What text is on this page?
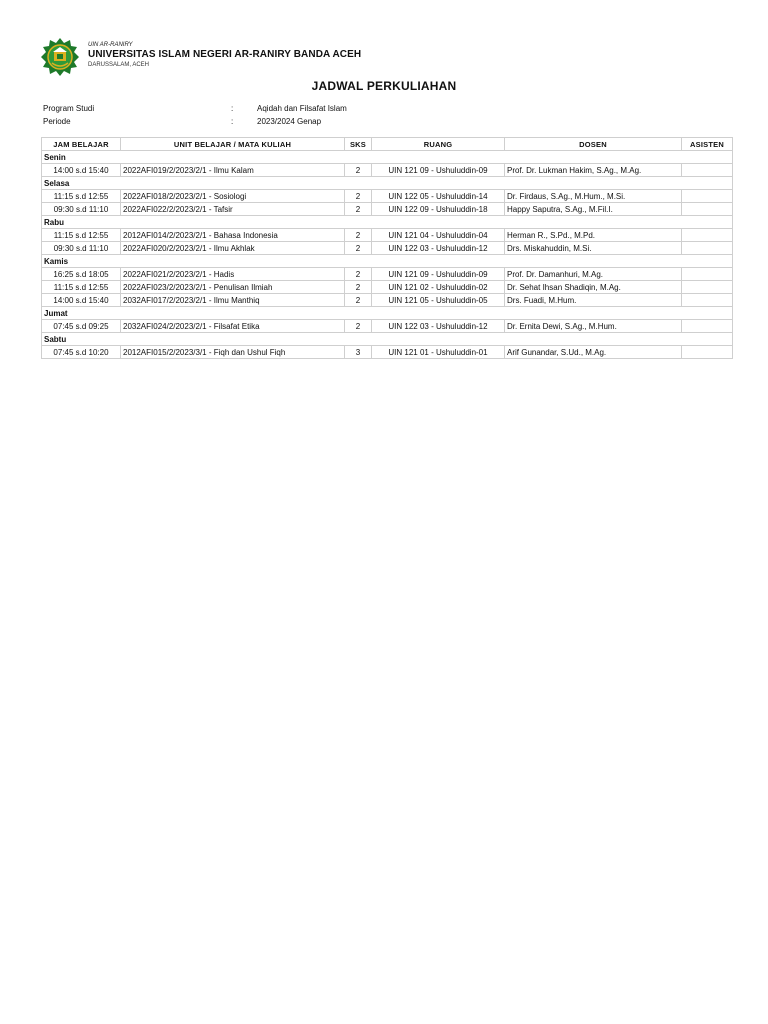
UIN AR-RANIRY
UNIVERSITAS ISLAM NEGERI AR-RANIRY BANDA ACEH
DARUSSALAM, ACEH
JADWAL PERKULIAHAN
Program Studi	:	Aqidah dan Filsafat Islam
Periode	:	2023/2024 Genap
JAM BELAJAR	UNIT BELAJAR / MATA KULIAH	SKS	RUANG	DOSEN	ASISTEN
Senin					
14:00 s.d 15:40	2022AFI019/2/2023/2/1 - Ilmu Kalam	2	UIN 121 09 - Ushuluddin-09	Prof. Dr. Lukman Hakim, S.Ag., M.Ag.	
Selasa					
11:15 s.d 12:55	2022AFI018/2/2023/2/1 - Sosiologi	2	UIN 122 05 - Ushuluddin-14	Dr. Firdaus, S.Ag., M.Hum., M.Si.	
09:30 s.d 11:10	2022AFI022/2/2023/2/1 - Tafsir	2	UIN 122 09 - Ushuluddin-18	Happy Saputra, S.Ag., M.Fil.I.	
Rabu					
11:15 s.d 12:55	2012AFI014/2/2023/2/1 - Bahasa Indonesia	2	UIN 121 04 - Ushuluddin-04	Herman R., S.Pd., M.Pd.	
09:30 s.d 11:10	2022AFI020/2/2023/2/1 - Ilmu Akhlak	2	UIN 122 03 - Ushuluddin-12	Drs. Miskahuddin, M.Si.	
Kamis					
16:25 s.d 18:05	2022AFI021/2/2023/2/1 - Hadis	2	UIN 121 09 - Ushuluddin-09	Prof. Dr. Damanhuri, M.Ag.	
11:15 s.d 12:55	2022AFI023/2/2023/2/1 - Penulisan Ilmiah	2	UIN 121 02 - Ushuluddin-02	Dr. Sehat Ihsan Shadiqin, M.Ag.	
14:00 s.d 15:40	2032AFI017/2/2023/2/1 - Ilmu Manthiq	2	UIN 121 05 - Ushuluddin-05	Drs. Fuadi, M.Hum.	
Jumat					
07:45 s.d 09:25	2032AFI024/2/2023/2/1 - Filsafat Etika	2	UIN 122 03 - Ushuluddin-12	Dr. Ernita Dewi, S.Ag., M.Hum.	
Sabtu					
07:45 s.d 10:20	2012AFI015/2/2023/3/1 - Fiqh dan Ushul Fiqh	3	UIN 121 01 - Ushuluddin-01	Arif Gunandar, S.Ud., M.Ag.	
